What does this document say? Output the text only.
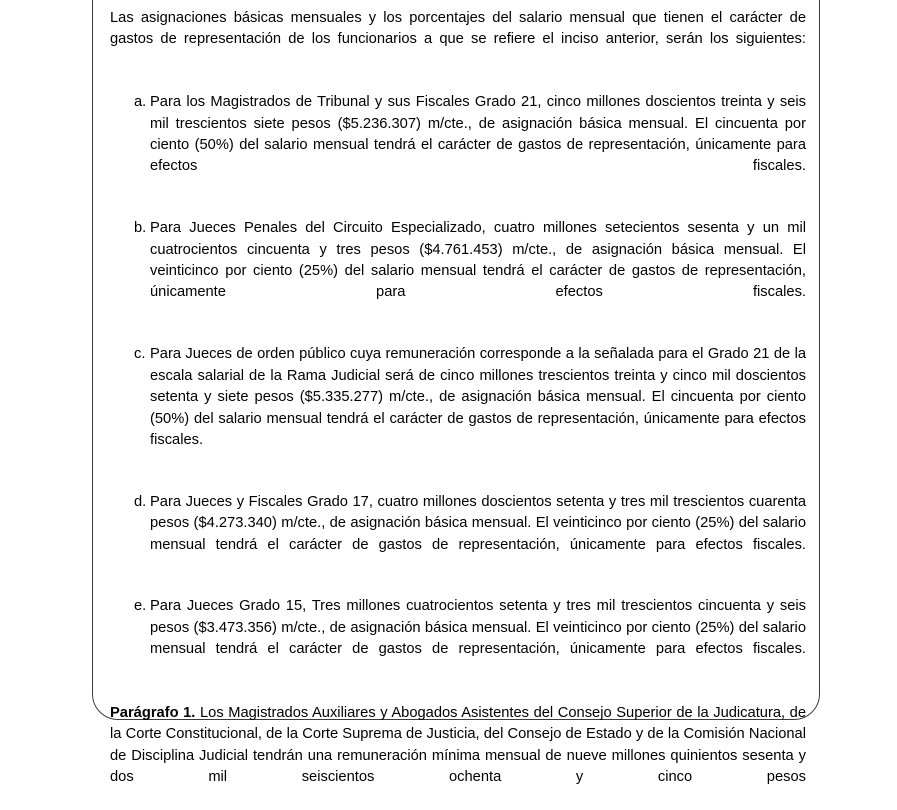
Las asignaciones básicas mensuales y los porcentajes del salario mensual que tienen el carácter de gastos de representación de los funcionarios a que se refiere el inciso anterior, serán los siguientes:

a. Para los Magistrados de Tribunal y sus Fiscales Grado 21, cinco millones doscientos treinta y seis mil trescientos siete pesos ($5.236.307) m/cte., de asignación básica mensual. El cincuenta por ciento (50%) del salario mensual tendrá el carácter de gastos de representación, únicamente para efectos fiscales.
b. Para Jueces Penales del Circuito Especializado, cuatro millones setecientos sesenta y un mil cuatrocientos cincuenta y tres pesos ($4.761.453) m/cte., de asignación básica mensual. El veinticinco por ciento (25%) del salario mensual tendrá el carácter de gastos de representación, únicamente para efectos fiscales.
c. Para Jueces de orden público cuya remuneración corresponde a la señalada para el Grado 21 de la escala salarial de la Rama Judicial será de cinco millones trescientos treinta y cinco mil doscientos setenta y siete pesos ($5.335.277) m/cte., de asignación básica mensual. El cincuenta por ciento (50%) del salario mensual tendrá el carácter de gastos de representación, únicamente para efectos fiscales.
d. Para Jueces y Fiscales Grado 17, cuatro millones doscientos setenta y tres mil trescientos cuarenta pesos ($4.273.340) m/cte., de asignación básica mensual. El veinticinco por ciento (25%) del salario mensual tendrá el carácter de gastos de representación, únicamente para efectos fiscales.
e. Para Jueces Grado 15, Tres millones cuatrocientos setenta y tres mil trescientos cincuenta y seis pesos ($3.473.356) m/cte., de asignación básica mensual. El veinticinco por ciento (25%) del salario mensual tendrá el carácter de gastos de representación, únicamente para efectos fiscales.

Parágrafo 1. Los Magistrados Auxiliares y Abogados Asistentes del Consejo Superior de la Judicatura, de la Corte Constitucional, de la Corte Suprema de Justicia, del Consejo de Estado y de la Comisión Nacional de Disciplina Judicial tendrán una remuneración mínima mensual de nueve millones quinientos sesenta y dos mil seiscientos ochenta y cinco pesos
